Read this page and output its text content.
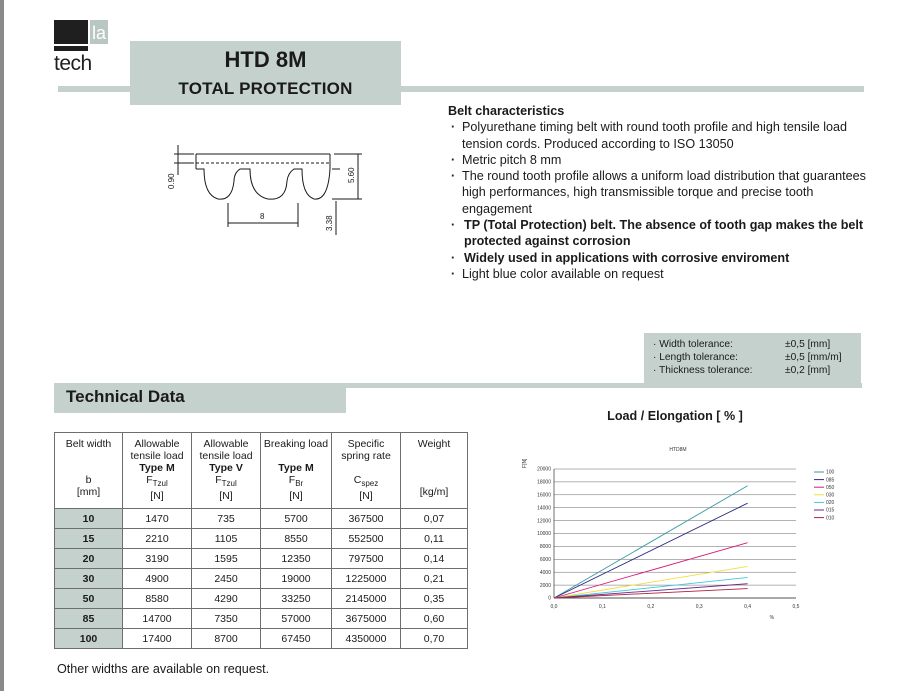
la
tech	HTD 8M
TOTAL PROTECTION
0.90	5.60
8	3.38
Belt characteristics
· Polyurethane timing belt with round tooth profile and high tensile load tension cords. Produced according to ISO 13050
· Metric pitch 8 mm
· The round tooth profile allows a uniform load distribution that guarantees high performances, high transmissible torque and precise tooth engagement
· TP (Total Protection) belt. The absence of tooth gap makes the belt protected against corrosion
· Widely used in applications with corrosive enviroment
· Light blue color available on request
· Width tolerance:	±0,5 [mm]
· Length tolerance:	±0,5 [mm/m]
· Thickness tolerance:	±0,2 [mm]
Technical Data
Belt width

b
[mm]	Allowable
tensile load
Type M
$F_{Tzul}$
[N]	Allowable
tensile load
Type V
$F_{Tzul}$
[N]	Breaking load

Type M
$F_{Br}$
[N]	Specific
spring rate

$C_{spez}$
[N]	Weight

[kg/m]

10	1470	735	5700	367500	0,07
15	2210	1105	8550	552500	0,11
20	3190	1595	12350	797500	0,14
30	4900	2450	19000	1225000	0,21
50	8580	4290	33250	2145000	0,35
85	14700	7350	57000	3675000	0,60
100	17400	8700	67450	4350000	0,70
Other widths are available on request.
Load / Elongation [ % ]
HTD8M
F[N]
0
2000
4000
6000
8000
10000
12000
14000
16000
18000
20000
0,0	0,1	0,2	0,3	0,4	0,5
%
100
085
050
030
020
015
010
